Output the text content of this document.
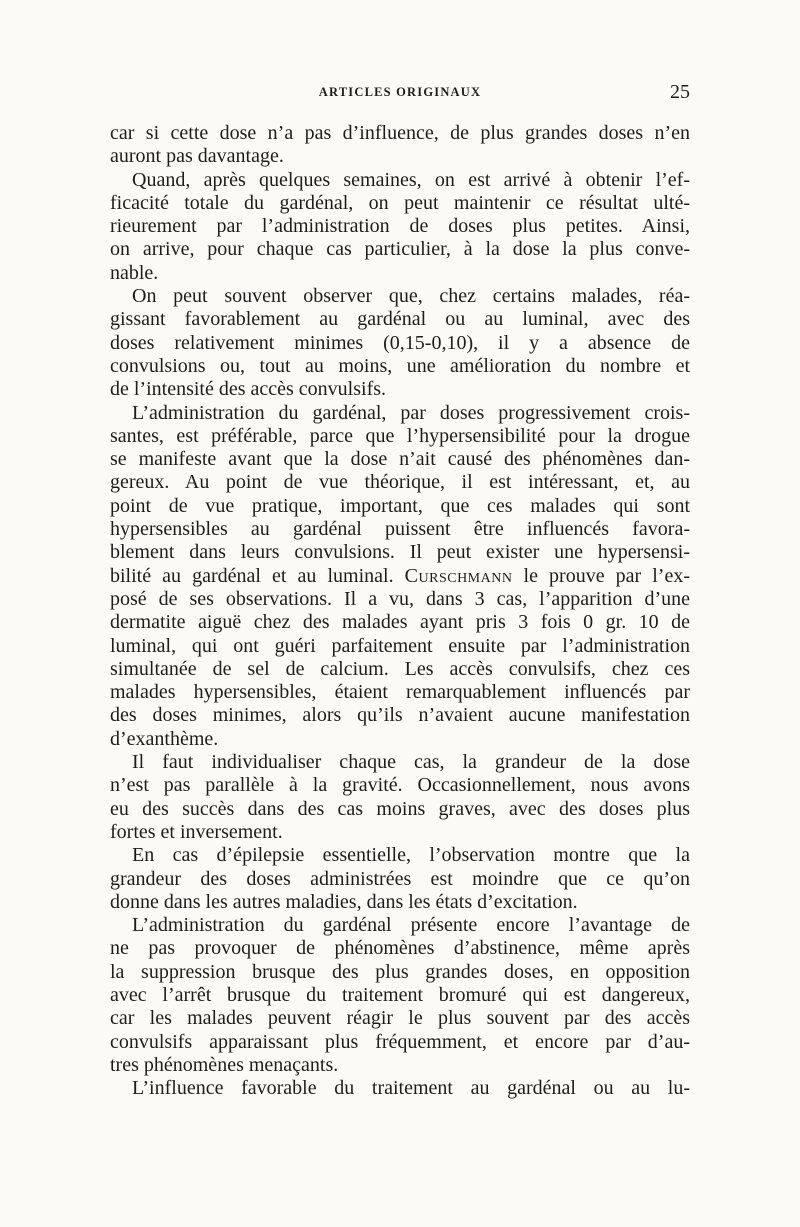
ARTICLES ORIGINAUX	25
car si cette dose n’a pas d’influence, de plus grandes doses n’en
auront pas davantage.
Quand, après quelques semaines, on est arrivé à obtenir l’ef-
ficacité totale du gardénal, on peut maintenir ce résultat ulté-
rieurement par l’administration de doses plus petites. Ainsi,
on arrive, pour chaque cas particulier, à la dose la plus conve-
nable.
On peut souvent observer que, chez certains malades, réa-
gissant favorablement au gardénal ou au luminal, avec des
doses relativement minimes (0,15-0,10), il y a absence de
convulsions ou, tout au moins, une amélioration du nombre et
de l’intensité des accès convulsifs.
L’administration du gardénal, par doses progressivement crois-
santes, est préférable, parce que l’hypersensibilité pour la drogue
se manifeste avant que la dose n’ait causé des phénomènes dan-
gereux. Au point de vue théorique, il est intéressant, et, au
point de vue pratique, important, que ces malades qui sont
hypersensibles au gardénal puissent être influencés favora-
blement dans leurs convulsions. Il peut exister une hypersensi-
bilité au gardénal et au luminal. Curschmann le prouve par l’ex-
posé de ses observations. Il a vu, dans 3 cas, l’apparition d’une
dermatite aiguë chez des malades ayant pris 3 fois 0 gr. 10 de
luminal, qui ont guéri parfaitement ensuite par l’administration
simultanée de sel de calcium. Les accès convulsifs, chez ces
malades hypersensibles, étaient remarquablement influencés par
des doses minimes, alors qu’ils n’avaient aucune manifestation
d’exanthème.
Il faut individualiser chaque cas, la grandeur de la dose
n’est pas parallèle à la gravité. Occasionnellement, nous avons
eu des succès dans des cas moins graves, avec des doses plus
fortes et inversement.
En cas d’épilepsie essentielle, l’observation montre que la
grandeur des doses administrées est moindre que ce qu’on
donne dans les autres maladies, dans les états d’excitation.
L’administration du gardénal présente encore l’avantage de
ne pas provoquer de phénomènes d’abstinence, même après
la suppression brusque des plus grandes doses, en opposition
avec l’arrêt brusque du traitement bromuré qui est dangereux,
car les malades peuvent réagir le plus souvent par des accès
convulsifs apparaissant plus fréquemment, et encore par d’au-
tres phénomènes menaçants.
L’influence favorable du traitement au gardénal ou au lu-
